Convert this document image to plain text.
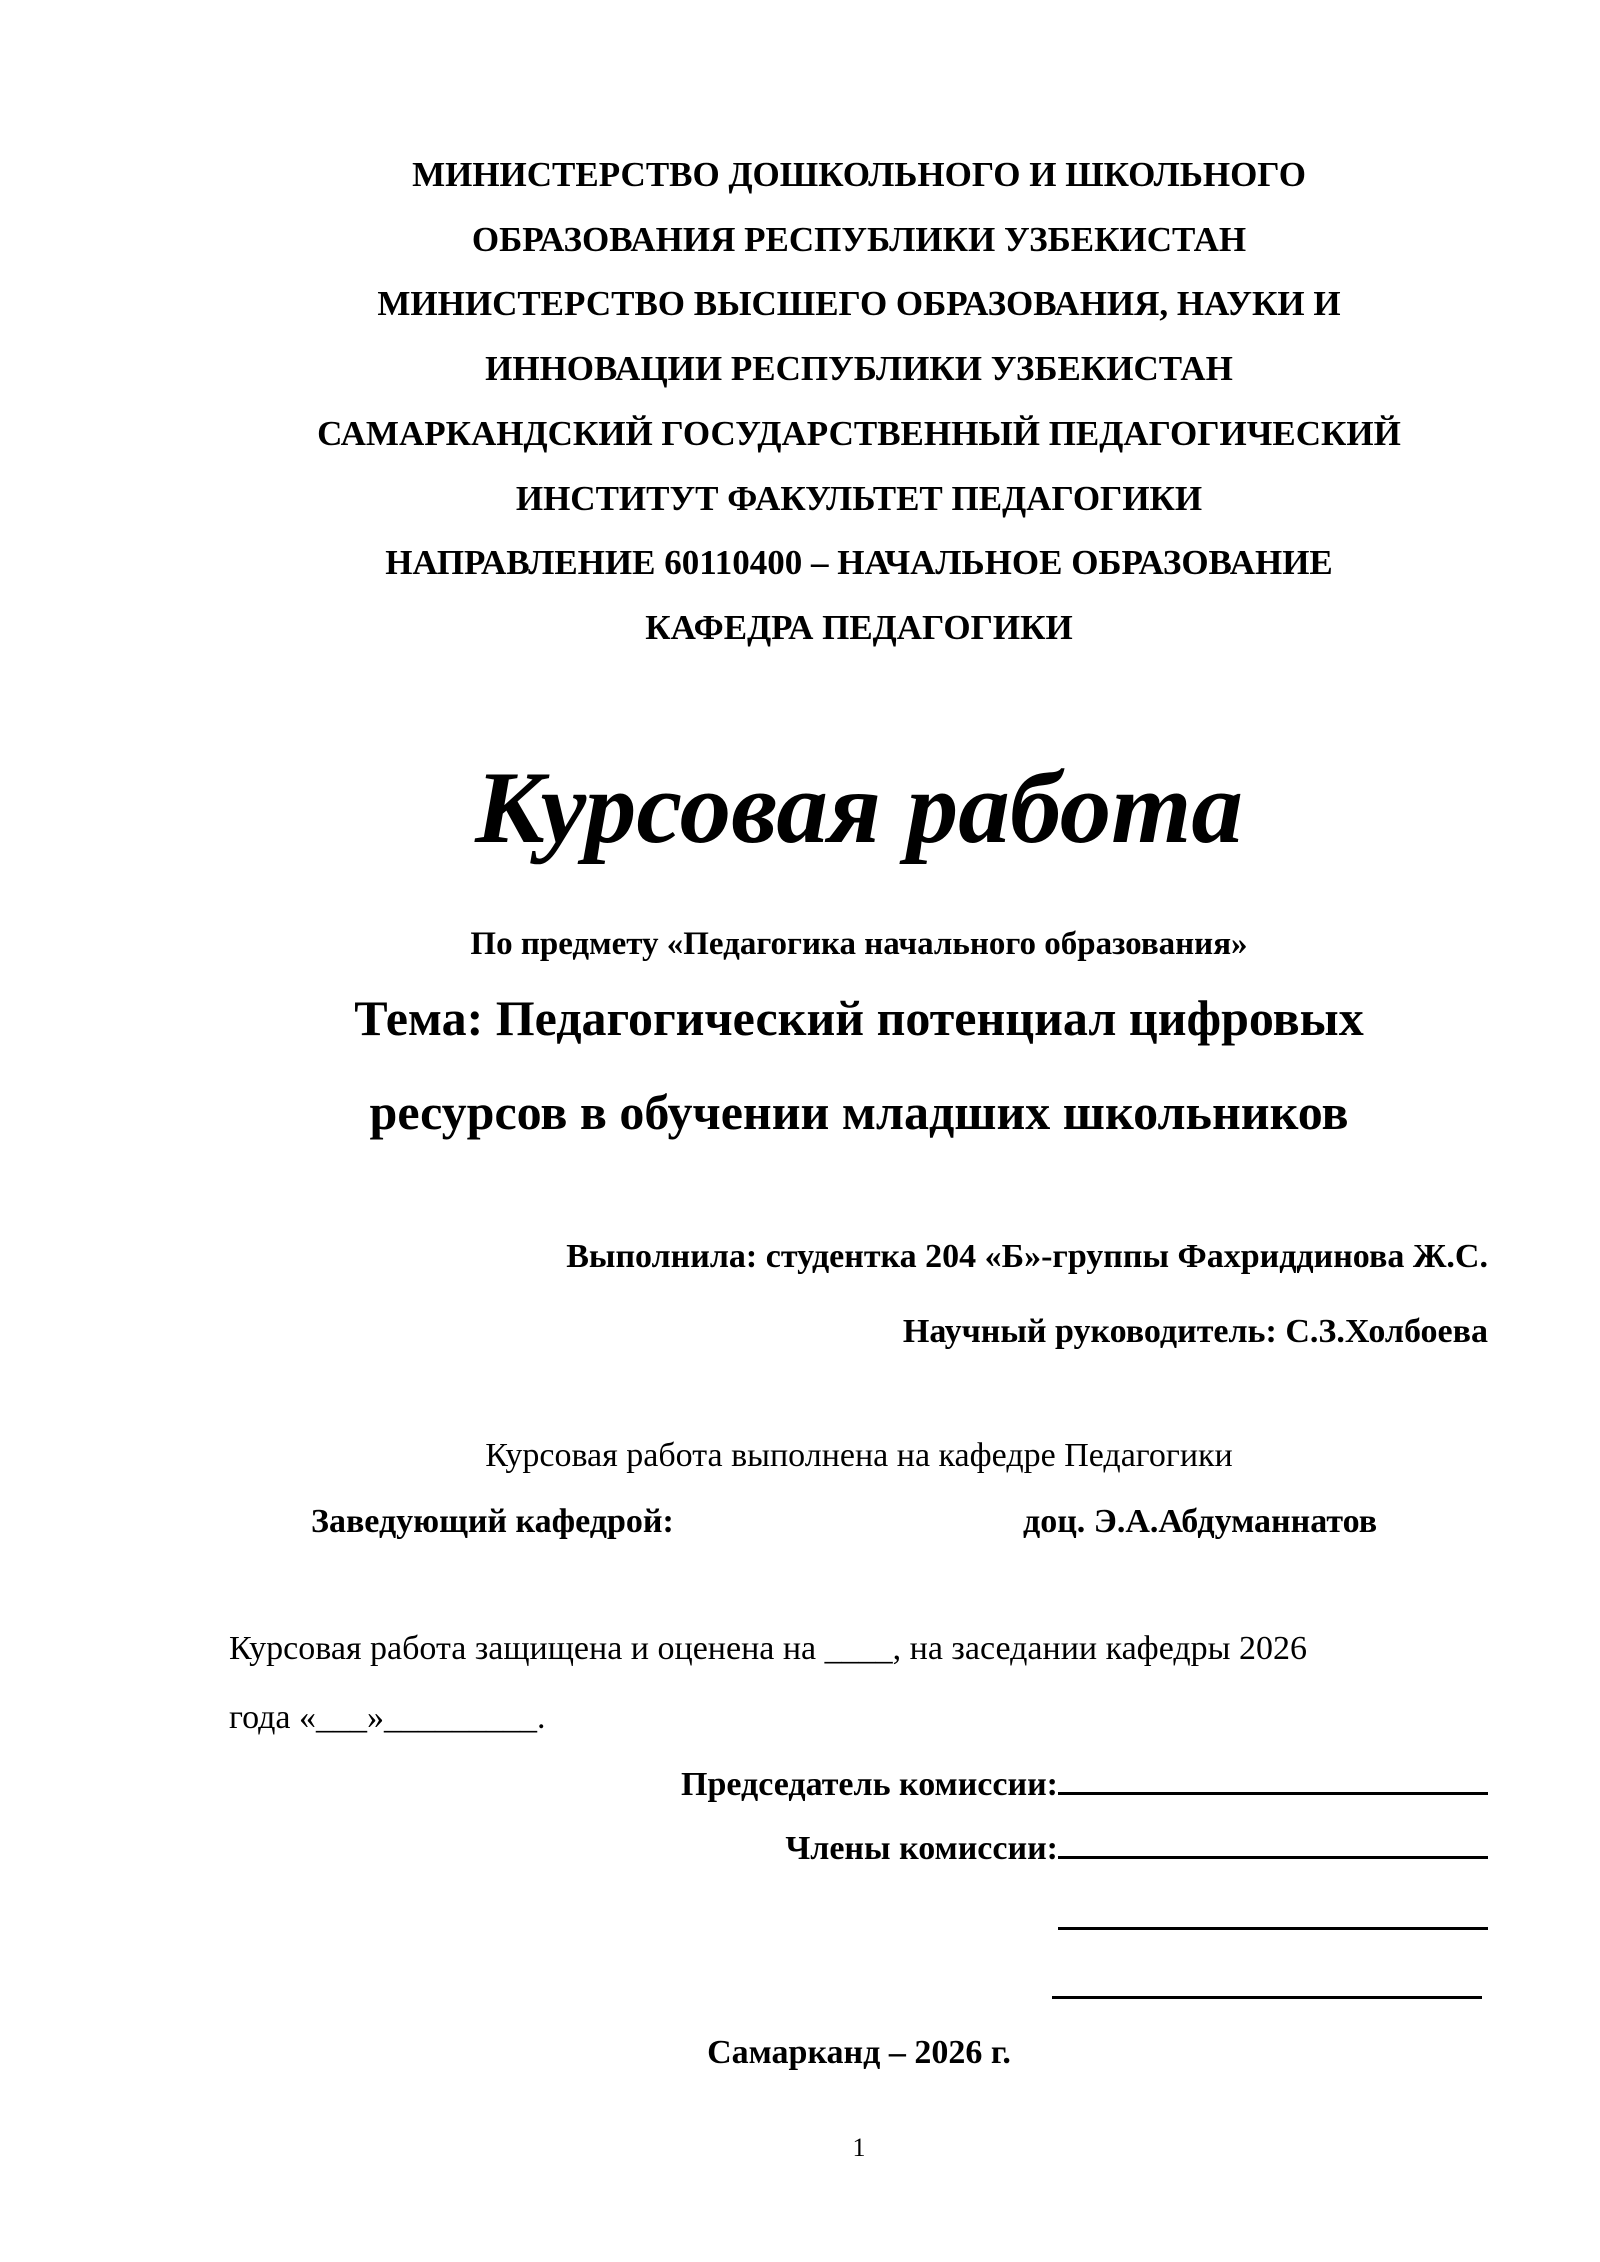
МИНИСТЕРСТВО ДОШКОЛЬНОГО И ШКОЛЬНОГО
ОБРАЗОВАНИЯ РЕСПУБЛИКИ УЗБЕКИСТАН
МИНИСТЕРСТВО ВЫСШЕГО ОБРАЗОВАНИЯ, НАУКИ И
ИННОВАЦИИ РЕСПУБЛИКИ УЗБЕКИСТАН
САМАРКАНДСКИЙ ГОСУДАРСТВЕННЫЙ ПЕДАГОГИЧЕСКИЙ
ИНСТИТУТ ФАКУЛЬТЕТ ПЕДАГОГИКИ
НАПРАВЛЕНИЕ 60110400 – НАЧАЛЬНОЕ ОБРАЗОВАНИЕ
КАФЕДРА ПЕДАГОГИКИ
Курсовая работа
По предмету «Педагогика начального образования»
Тема: Педагогический потенциал цифровых
ресурсов в обучении младших школьников
Выполнила: студентка 204 «Б»-группы Фахриддинова Ж.С.
Научный руководитель: С.З.Холбоева
Курсовая работа выполнена на кафедре Педагогики
Заведующий кафедрой:	доц. Э.А.Абдуманнатов
Курсовая работа защищена и оценена на ____, на заседании кафедры 2026
года «___»_________.
Председатель комиссии:
Члены комиссии:
Самарканд – 2026 г.
1
